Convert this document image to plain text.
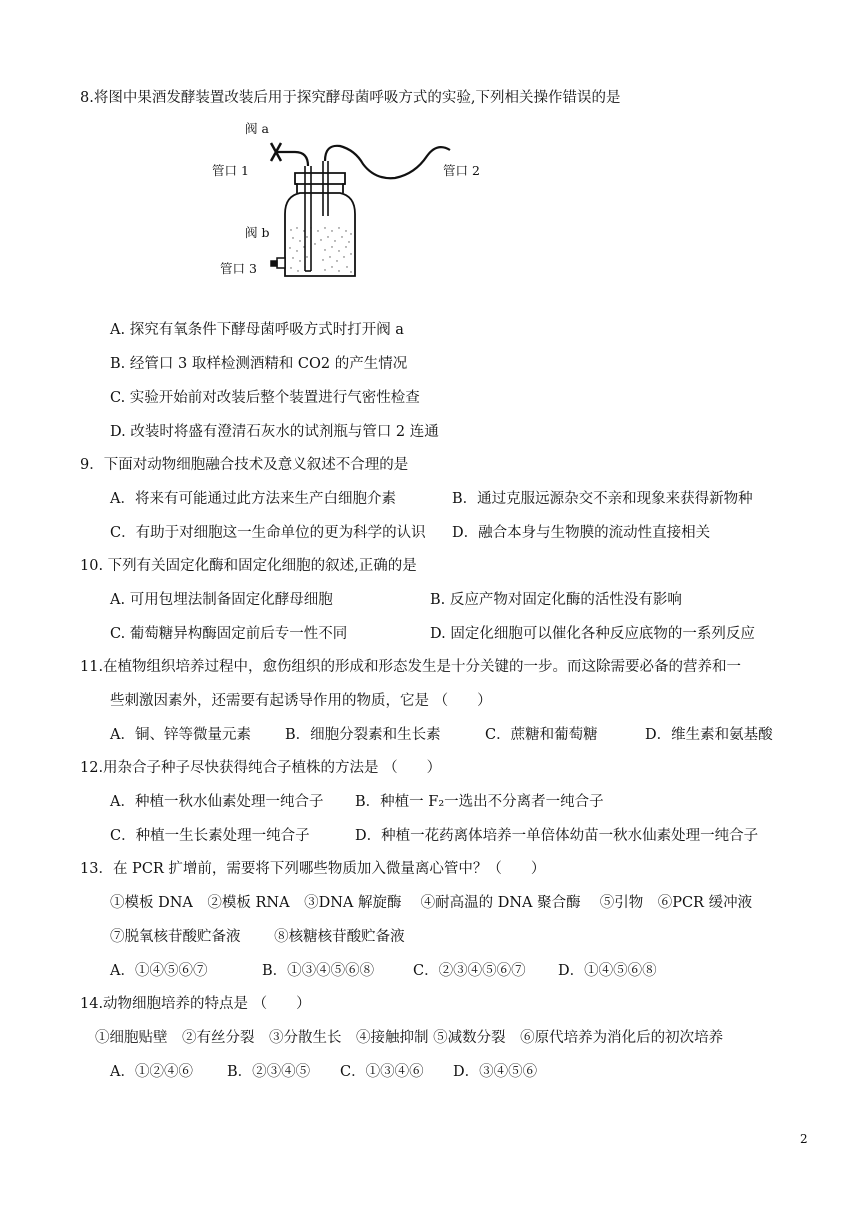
8.将图中果酒发酵装置改装后用于探究酵母菌呼吸方式的实验,下列相关操作错误的是
阀 a
管口 1	管口 2
阀 b
管口 3
A. 探究有氧条件下酵母菌呼吸方式时打开阀 a
B. 经管口 3 取样检测酒精和 CO2 的产生情况
C. 实验开始前对改装后整个装置进行气密性检查
D. 改装时将盛有澄清石灰水的试剂瓶与管口 2 连通
9．下面对动物细胞融合技术及意义叙述不合理的是
A．将来有可能通过此方法来生产白细胞介素	B．通过克服远源杂交不亲和现象来获得新物种
C．有助于对细胞这一生命单位的更为科学的认识 D．融合本身与生物膜的流动性直接相关
10. 下列有关固定化酶和固定化细胞的叙述,正确的是
A. 可用包埋法制备固定化酵母细胞	B. 反应产物对固定化酶的活性没有影响
C. 葡萄糖异构酶固定前后专一性不同	D. 固定化细胞可以催化各种反应底物的一系列反应
11.在植物组织培养过程中，愈伤组织的形成和形态发生是十分关键的一步。而这除需要必备的营养和一
些刺激因素外，还需要有起诱导作用的物质，它是 （　　）
A．铜、锌等微量元素 B．细胞分裂素和生长素	C．蔗糖和葡萄糖	D．维生素和氨基酸
12.用杂合子种子尽快获得纯合子植株的方法是 （　　）
A．种植一秋水仙素处理一纯合子 B．种植一 F₂一选出不分离者一纯合子
C．种植一生长素处理一纯合子	D．种植一花药离体培养一单倍体幼苗一秋水仙素处理一纯合子
13．在 PCR 扩增前，需要将下列哪些物质加入微量离心管中？（　　）
①模板 DNA　②模板 RNA　③DNA 解旋酶　 ④耐高温的 DNA 聚合酶　 ⑤引物　⑥PCR 缓冲液
⑦脱氧核苷酸贮备液　　 ⑧核糖核苷酸贮备液
A．①④⑤⑥⑦	B．①③④⑤⑥⑧	C．②③④⑤⑥⑦ D．①④⑤⑥⑧
14.动物细胞培养的特点是 （　　）
①细胞贴壁　②有丝分裂　③分散生长　④接触抑制 ⑤减数分裂　⑥原代培养为消化后的初次培养
A．①②④⑥ B．②③④⑤ C．①③④⑥ D．③④⑤⑥
2
